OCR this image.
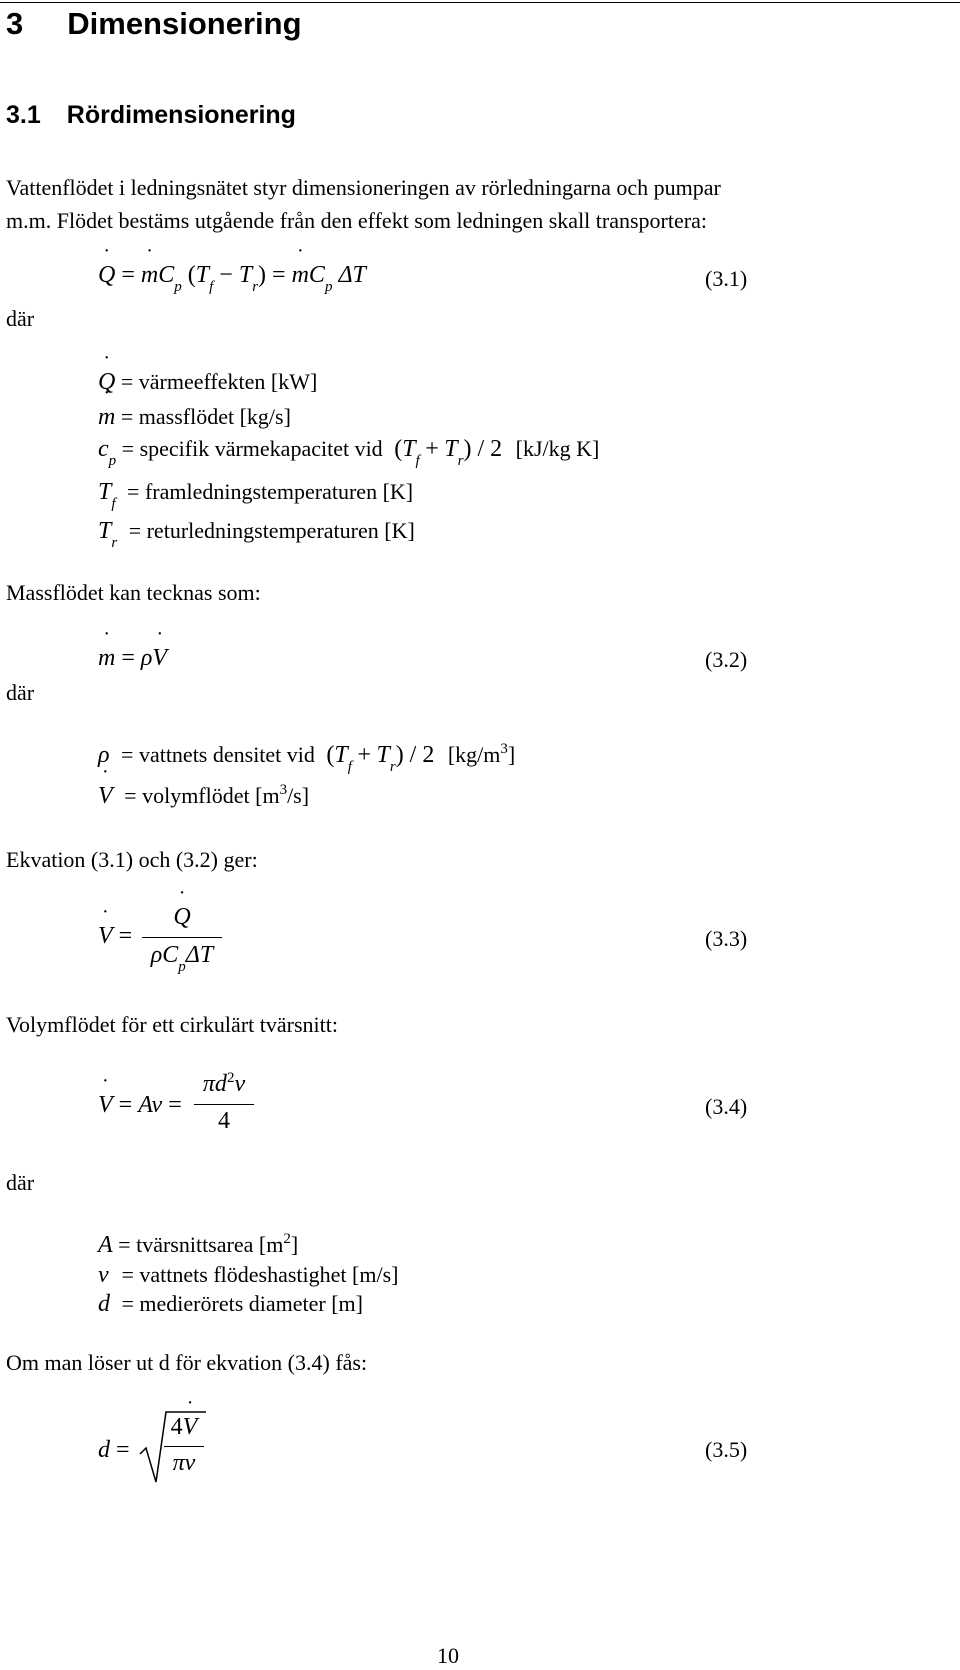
3 Dimensionering
3.1 Rördimensionering
Vattenflödet i ledningsnätet styr dimensioneringen av rörledningarna och pumpar
m.m. Flödet bestäms utgående från den effekt som ledningen skall transportera:
Q ˙ = m $˙C_p$ $(T_f - T_r) = m$ $˙C_p$ ΔT	(3.1)
där
Q ˙ = värmeeffekten [kW]
m ˙ = massflödet [kg/s]
$c_p$ = specifik värmekapacitet vid $(T_f + T_r) / 2$ [kJ/kg K]
$T_f$ = framledningstemperaturen [K]
$T_r$ = returledningstemperaturen [K]
Massflödet kan tecknas som:
m ˙ = ρV ˙	(3.2)
där
ρ = vattnets densitet vid $(T_f + T_r) / 2$ $[kg/m^3]$
V ˙ = volymflödet $[m^3/s]$
Ekvation (3.1) och (3.2) ger:
V ˙ =
Q ˙
$\rho C_p\Delta T$
(3.3)
Volymflödet för ett cirkulärt tvärsnitt:
V ˙ = Av =
$\pi d^2v$
4
(3.4)
där
A = tvärsnittsarea $[m^2]$
v = vattnets flödeshastighet [m/s]
d = medierörets diameter [m]
Om man löser ut d för ekvation (3.4) fås:
d =
4V ˙
πv
(3.5)
10
